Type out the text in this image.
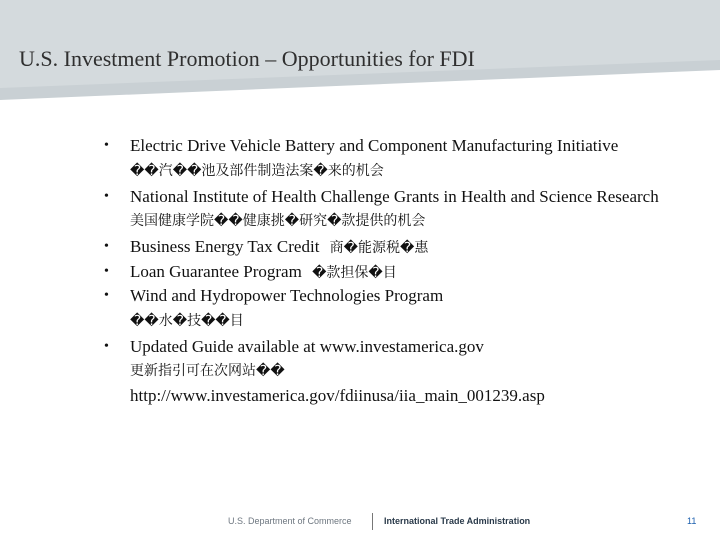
U.S. Investment Promotion – Opportunities for FDI
• Electric Drive Vehicle Battery and Component Manufacturing Initiative
��汽��池及部件制造法案�来的机会
• National Institute of Health Challenge Grants in Health and Science Research
美国健康学院��健康挑�研究�款提供的机会
• Business Energy Tax Credit 商�能源税�惠
• Loan Guarantee Program �款担保�目
• Wind and Hydropower Technologies Program
��水�技��目
• Updated Guide available at www.investamerica.gov
更新指引可在次网站��
http://www.investamerica.gov/fdiinusa/iia_main_001239.asp
U.S. Department of Commerce	International Trade Administration	11
